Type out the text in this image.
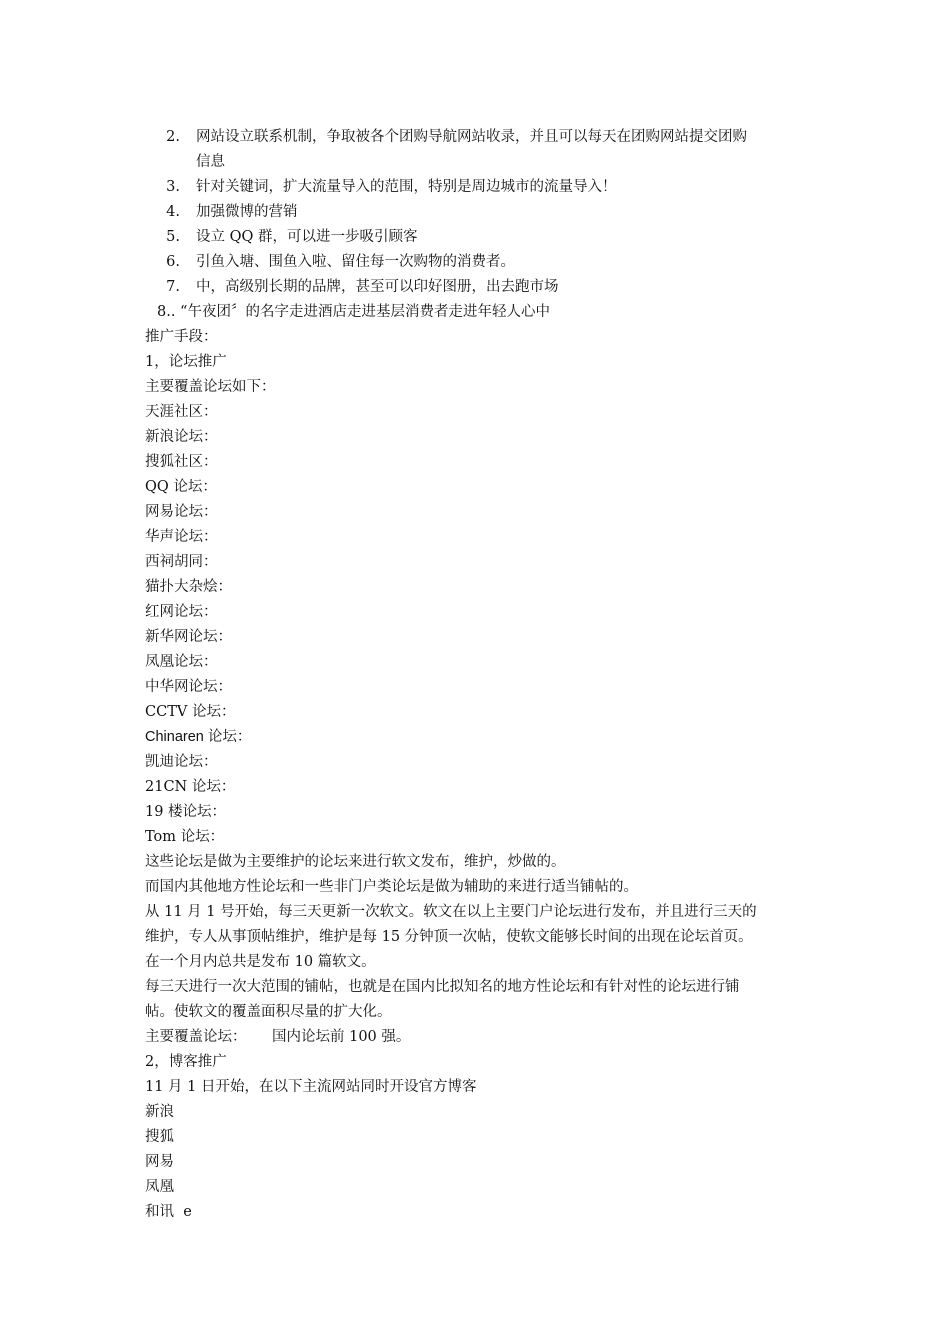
2. 网站设立联系机制，争取被各个团购导航网站收录，并且可以每天在团购网站提交团购
信息
3. 针对关键词，扩大流量导入的范围，特别是周边城市的流量导入！
4. 加强微博的营销
5. 设立 QQ 群，可以进一步吸引顾客
6. 引鱼入塘、围鱼入啦、留住每一次购物的消费者。
7. 中，高级别长期的品牌，甚至可以印好图册，出去跑市场
8.. “午夜团〞的名字走进酒店走进基层消费者走进年轻人心中
推广手段：
1，论坛推广
主要覆盖论坛如下：
天涯社区：
新浪论坛：
搜狐社区：
QQ 论坛：
网易论坛：
华声论坛：
西祠胡同：
猫扑大杂烩：
红网论坛：
新华网论坛：
凤凰论坛：
中华网论坛：
CCTV 论坛：
Chinaren 论坛：
凯迪论坛：
21CN 论坛：
19 楼论坛：
Tom 论坛：
这些论坛是做为主要维护的论坛来进行软文发布，维护，炒做的。
而国内其他地方性论坛和一些非门户类论坛是做为辅助的来进行适当铺帖的。
从 11 月 1 号开始，每三天更新一次软文。软文在以上主要门户论坛进行发布，并且进行三天的
维护，专人从事顶帖维护，维护是每 15 分钟顶一次帖，使软文能够长时间的出现在论坛首页。
在一个月内总共是发布 10 篇软文。
每三天进行一次大范围的铺帖，也就是在国内比拟知名的地方性论坛和有针对性的论坛进行铺
帖。使软文的覆盖面积尽量的扩大化。
主要覆盖论坛： 国内论坛前 100 强。
2，博客推广
11 月 1 日开始，在以下主流网站同时开设官方博客
新浪
搜狐
网易
凤凰
和讯  e
